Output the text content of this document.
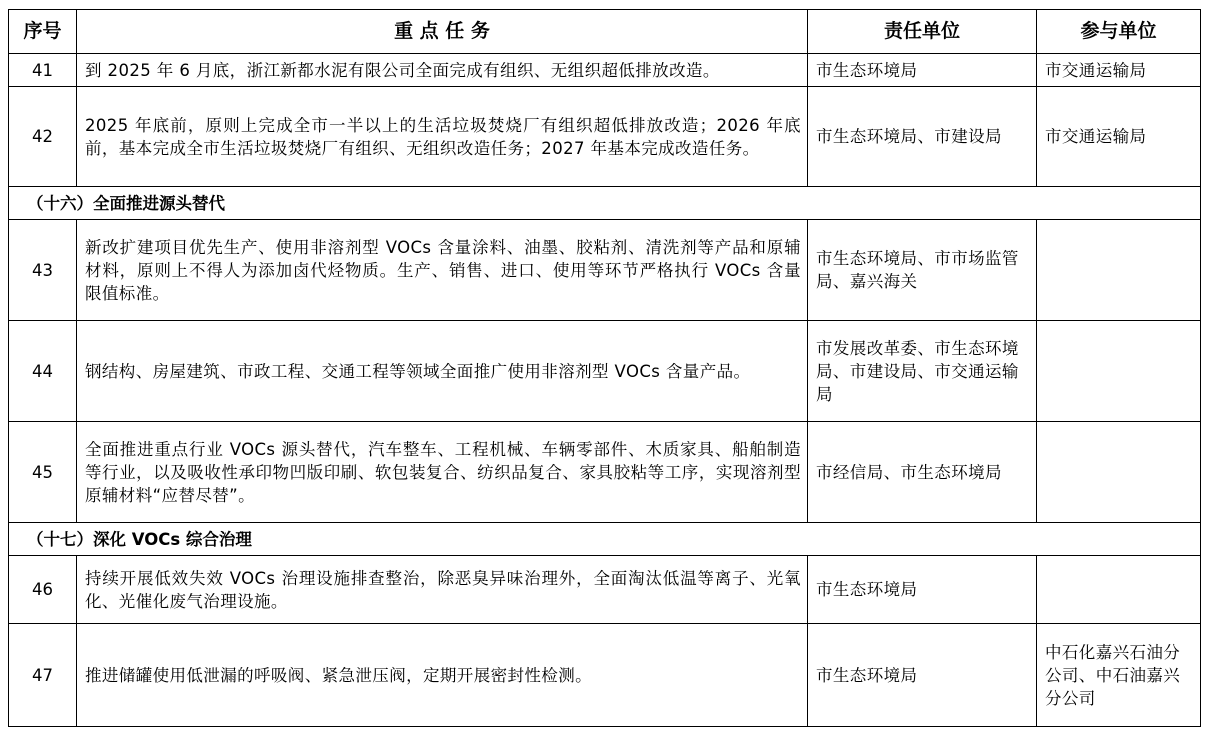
序号	重 点 任 务	责任单位	参与单位
41	到 2025 年 6 月底，浙江新都水泥有限公司全面完成有组织、无组织超低排放改造。	市生态环境局	市交通运输局
42	2025 年底前，原则上完成全市一半以上的生活垃圾焚烧厂有组织超低排放改造；2026 年底前，基本完成全市生活垃圾焚烧厂有组织、无组织改造任务；2027 年基本完成改造任务。	市生态环境局、市建设局	市交通运输局
（十六）全面推进源头替代			
43	新改扩建项目优先生产、使用非溶剂型 VOCs 含量涂料、油墨、胶粘剂、清洗剂等产品和原辅材料，原则上不得人为添加卤代烃物质。生产、销售、进口、使用等环节严格执行 VOCs 含量限值标准。	市生态环境局、市市场监管局、嘉兴海关	
44	钢结构、房屋建筑、市政工程、交通工程等领域全面推广使用非溶剂型 VOCs 含量产品。	市发展改革委、市生态环境局、市建设局、市交通运输局	
45	全面推进重点行业 VOCs 源头替代，汽车整车、工程机械、车辆零部件、木质家具、船舶制造等行业，以及吸收性承印物凹版印刷、软包装复合、纺织品复合、家具胶粘等工序，实现溶剂型原辅材料“应替尽替”。	市经信局、市生态环境局	
（十七）深化 VOCs 综合治理			
46	持续开展低效失效 VOCs 治理设施排查整治，除恶臭异味治理外，全面淘汰低温等离子、光氧化、光催化废气治理设施。	市生态环境局	
47	推进储罐使用低泄漏的呼吸阀、紧急泄压阀，定期开展密封性检测。	市生态环境局	中石化嘉兴石油分公司、中石油嘉兴分公司
